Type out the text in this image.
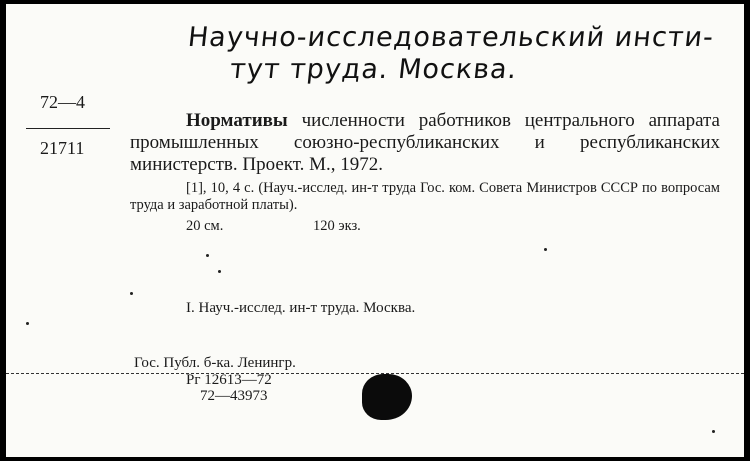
Научно-исследовательский инсти-
тут труда. Москва.
72—4
21711
Нормативы численности работников центрального аппарата промышленных союзно-республиканских и республиканских министерств. Проект. М., 1972.
[1], 10, 4 с. (Науч.-исслед. ин-т труда Гос. ком. Совета Министров СССР по вопросам труда и заработной платы).
20 см.	120 экз.
I. Науч.-исслед. ин-т труда. Москва.
Гос. Публ. б-ка. Ленингр.
Рг 12613—72
72—43973
